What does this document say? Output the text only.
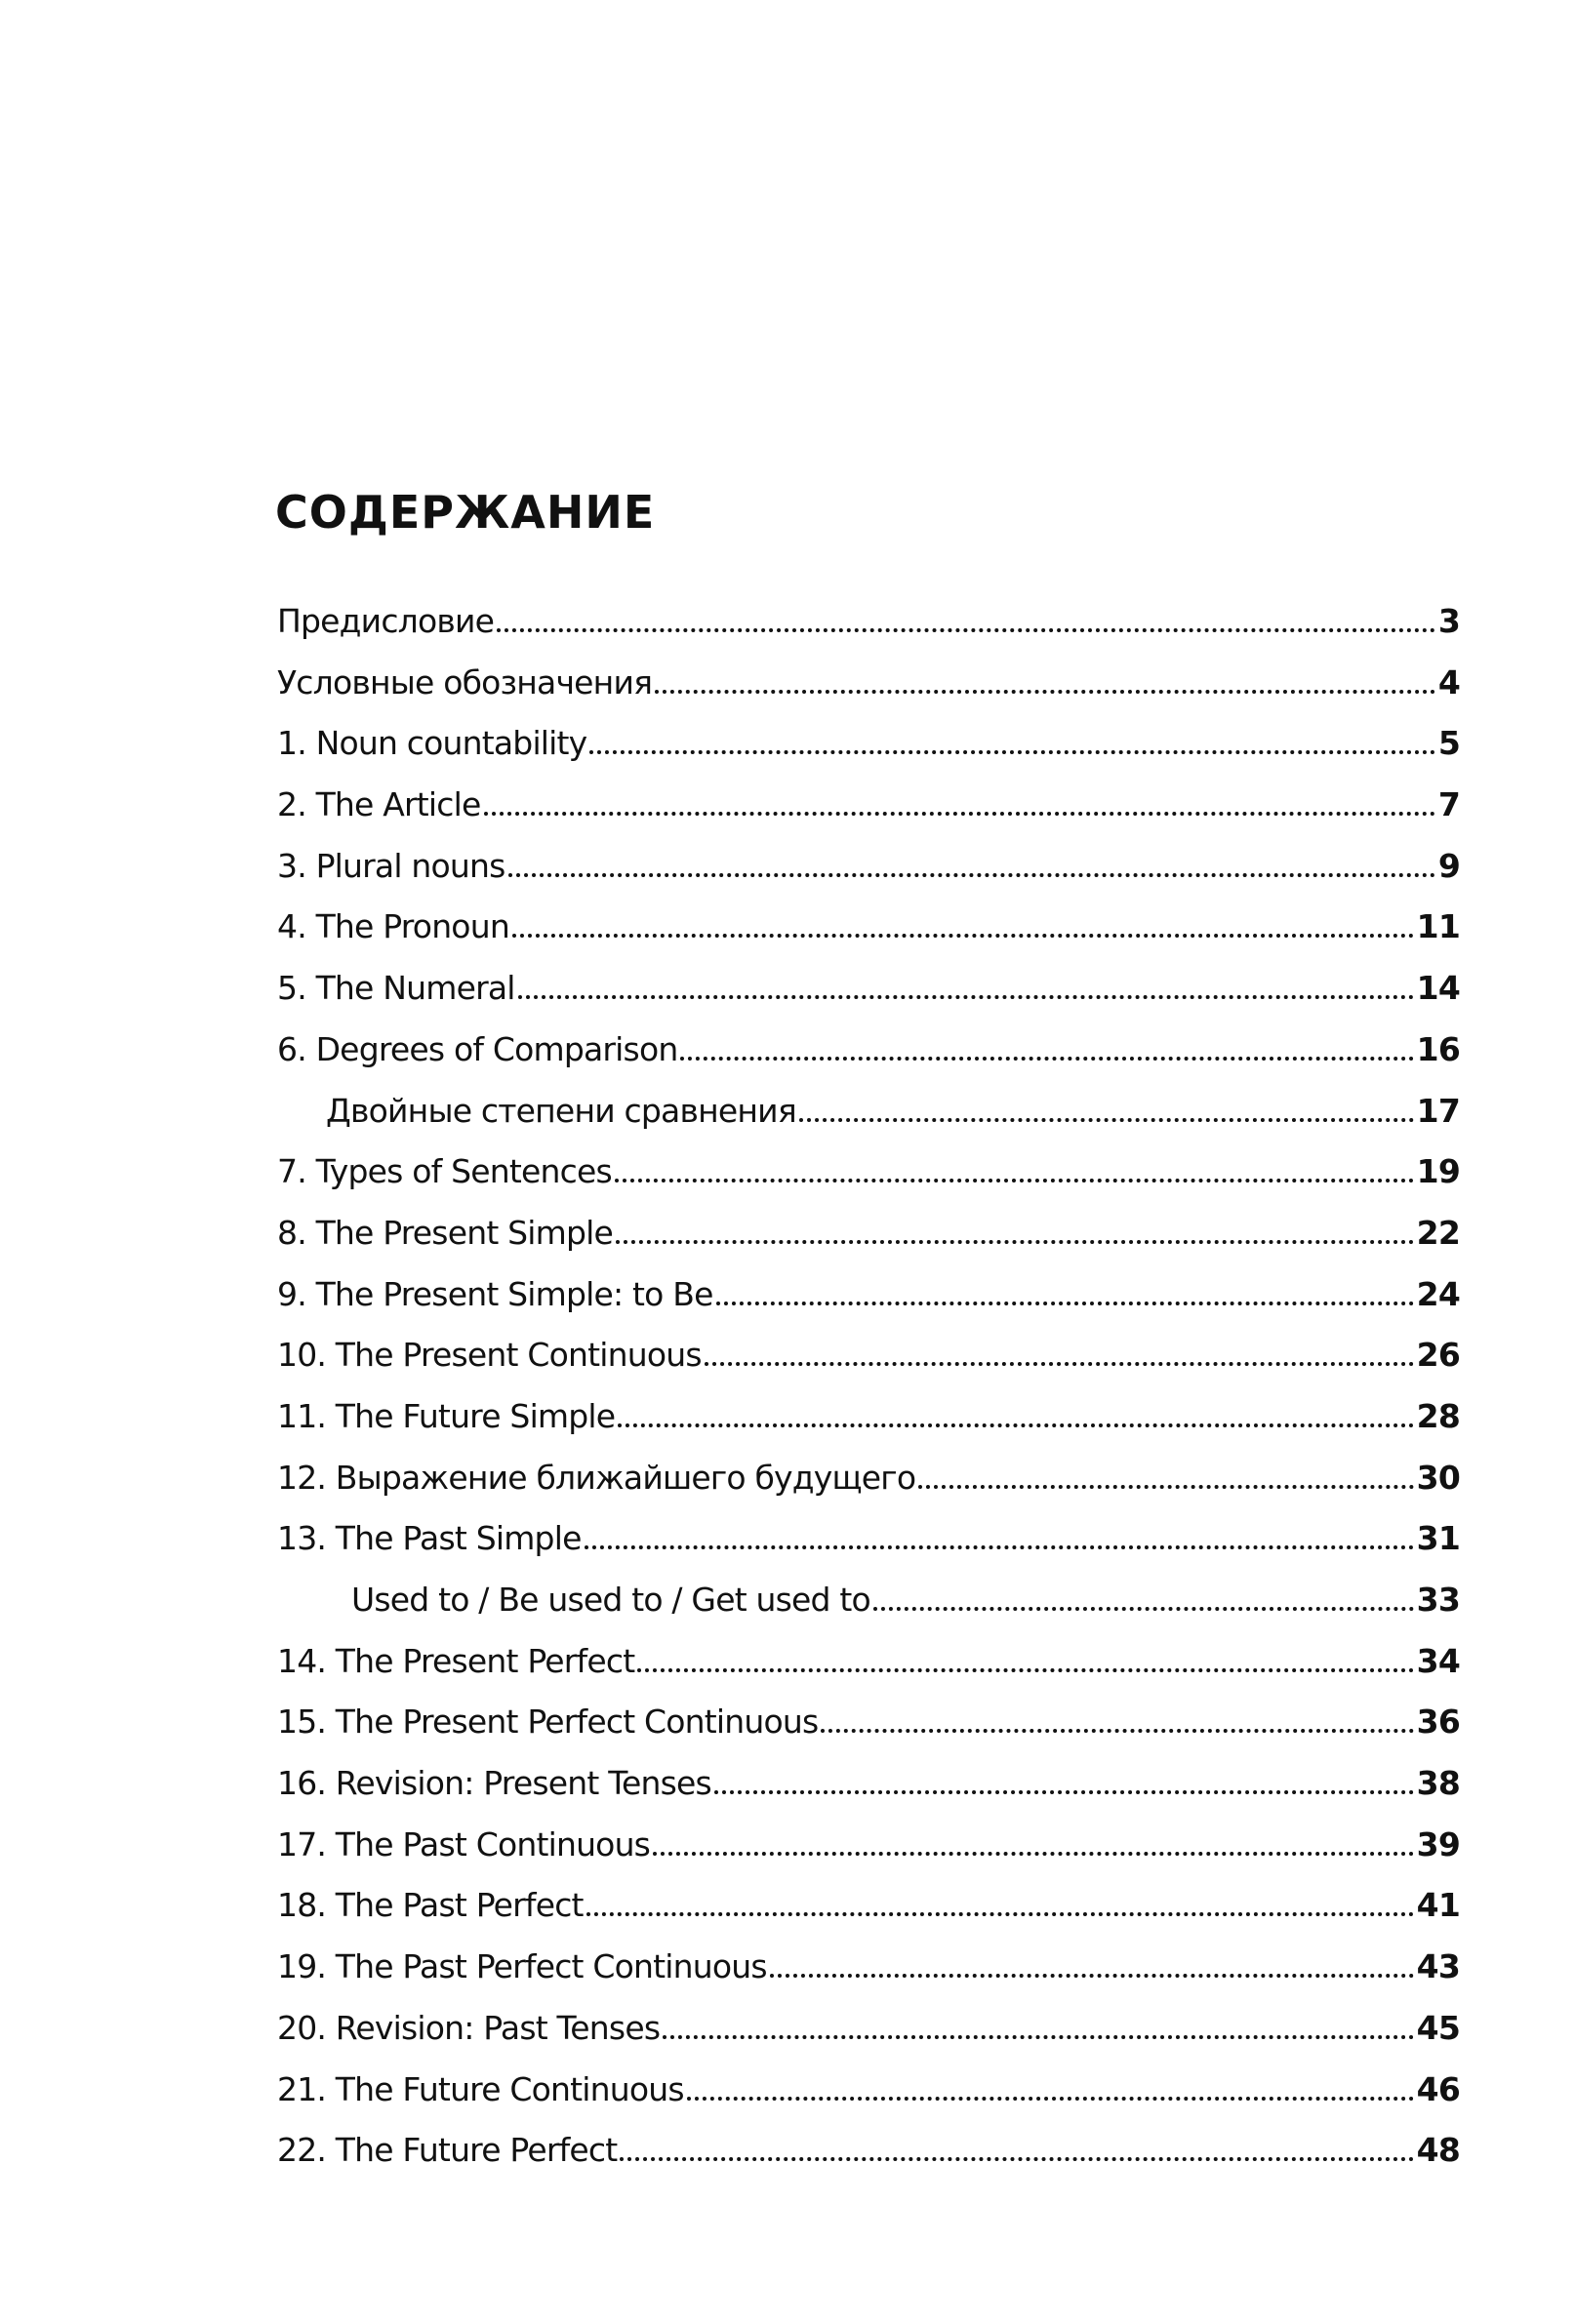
СОДЕРЖАНИЕ
Предисловие	3
Условные обозначения	4
1. Noun countability	5
2. The Article	7
3. Plural nouns	9
4. The Pronoun	11
5. The Numeral	14
6. Degrees of Comparison	16
Двойные степени сравнения	17
7. Types of Sentences	19
8. The Present Simple	22
9. The Present Simple: to Be	24
10. The Present Continuous	26
11. The Future Simple	28
12. Выражение ближайшего будущего	30
13. The Past Simple	31
Used to / Be used to / Get used to	33
14. The Present Perfect	34
15. The Present Perfect Continuous	36
16. Revision: Present Tenses	38
17. The Past Continuous	39
18. The Past Perfect	41
19. The Past Perfect Continuous	43
20. Revision: Past Tenses	45
21. The Future Continuous	46
22. The Future Perfect	48
